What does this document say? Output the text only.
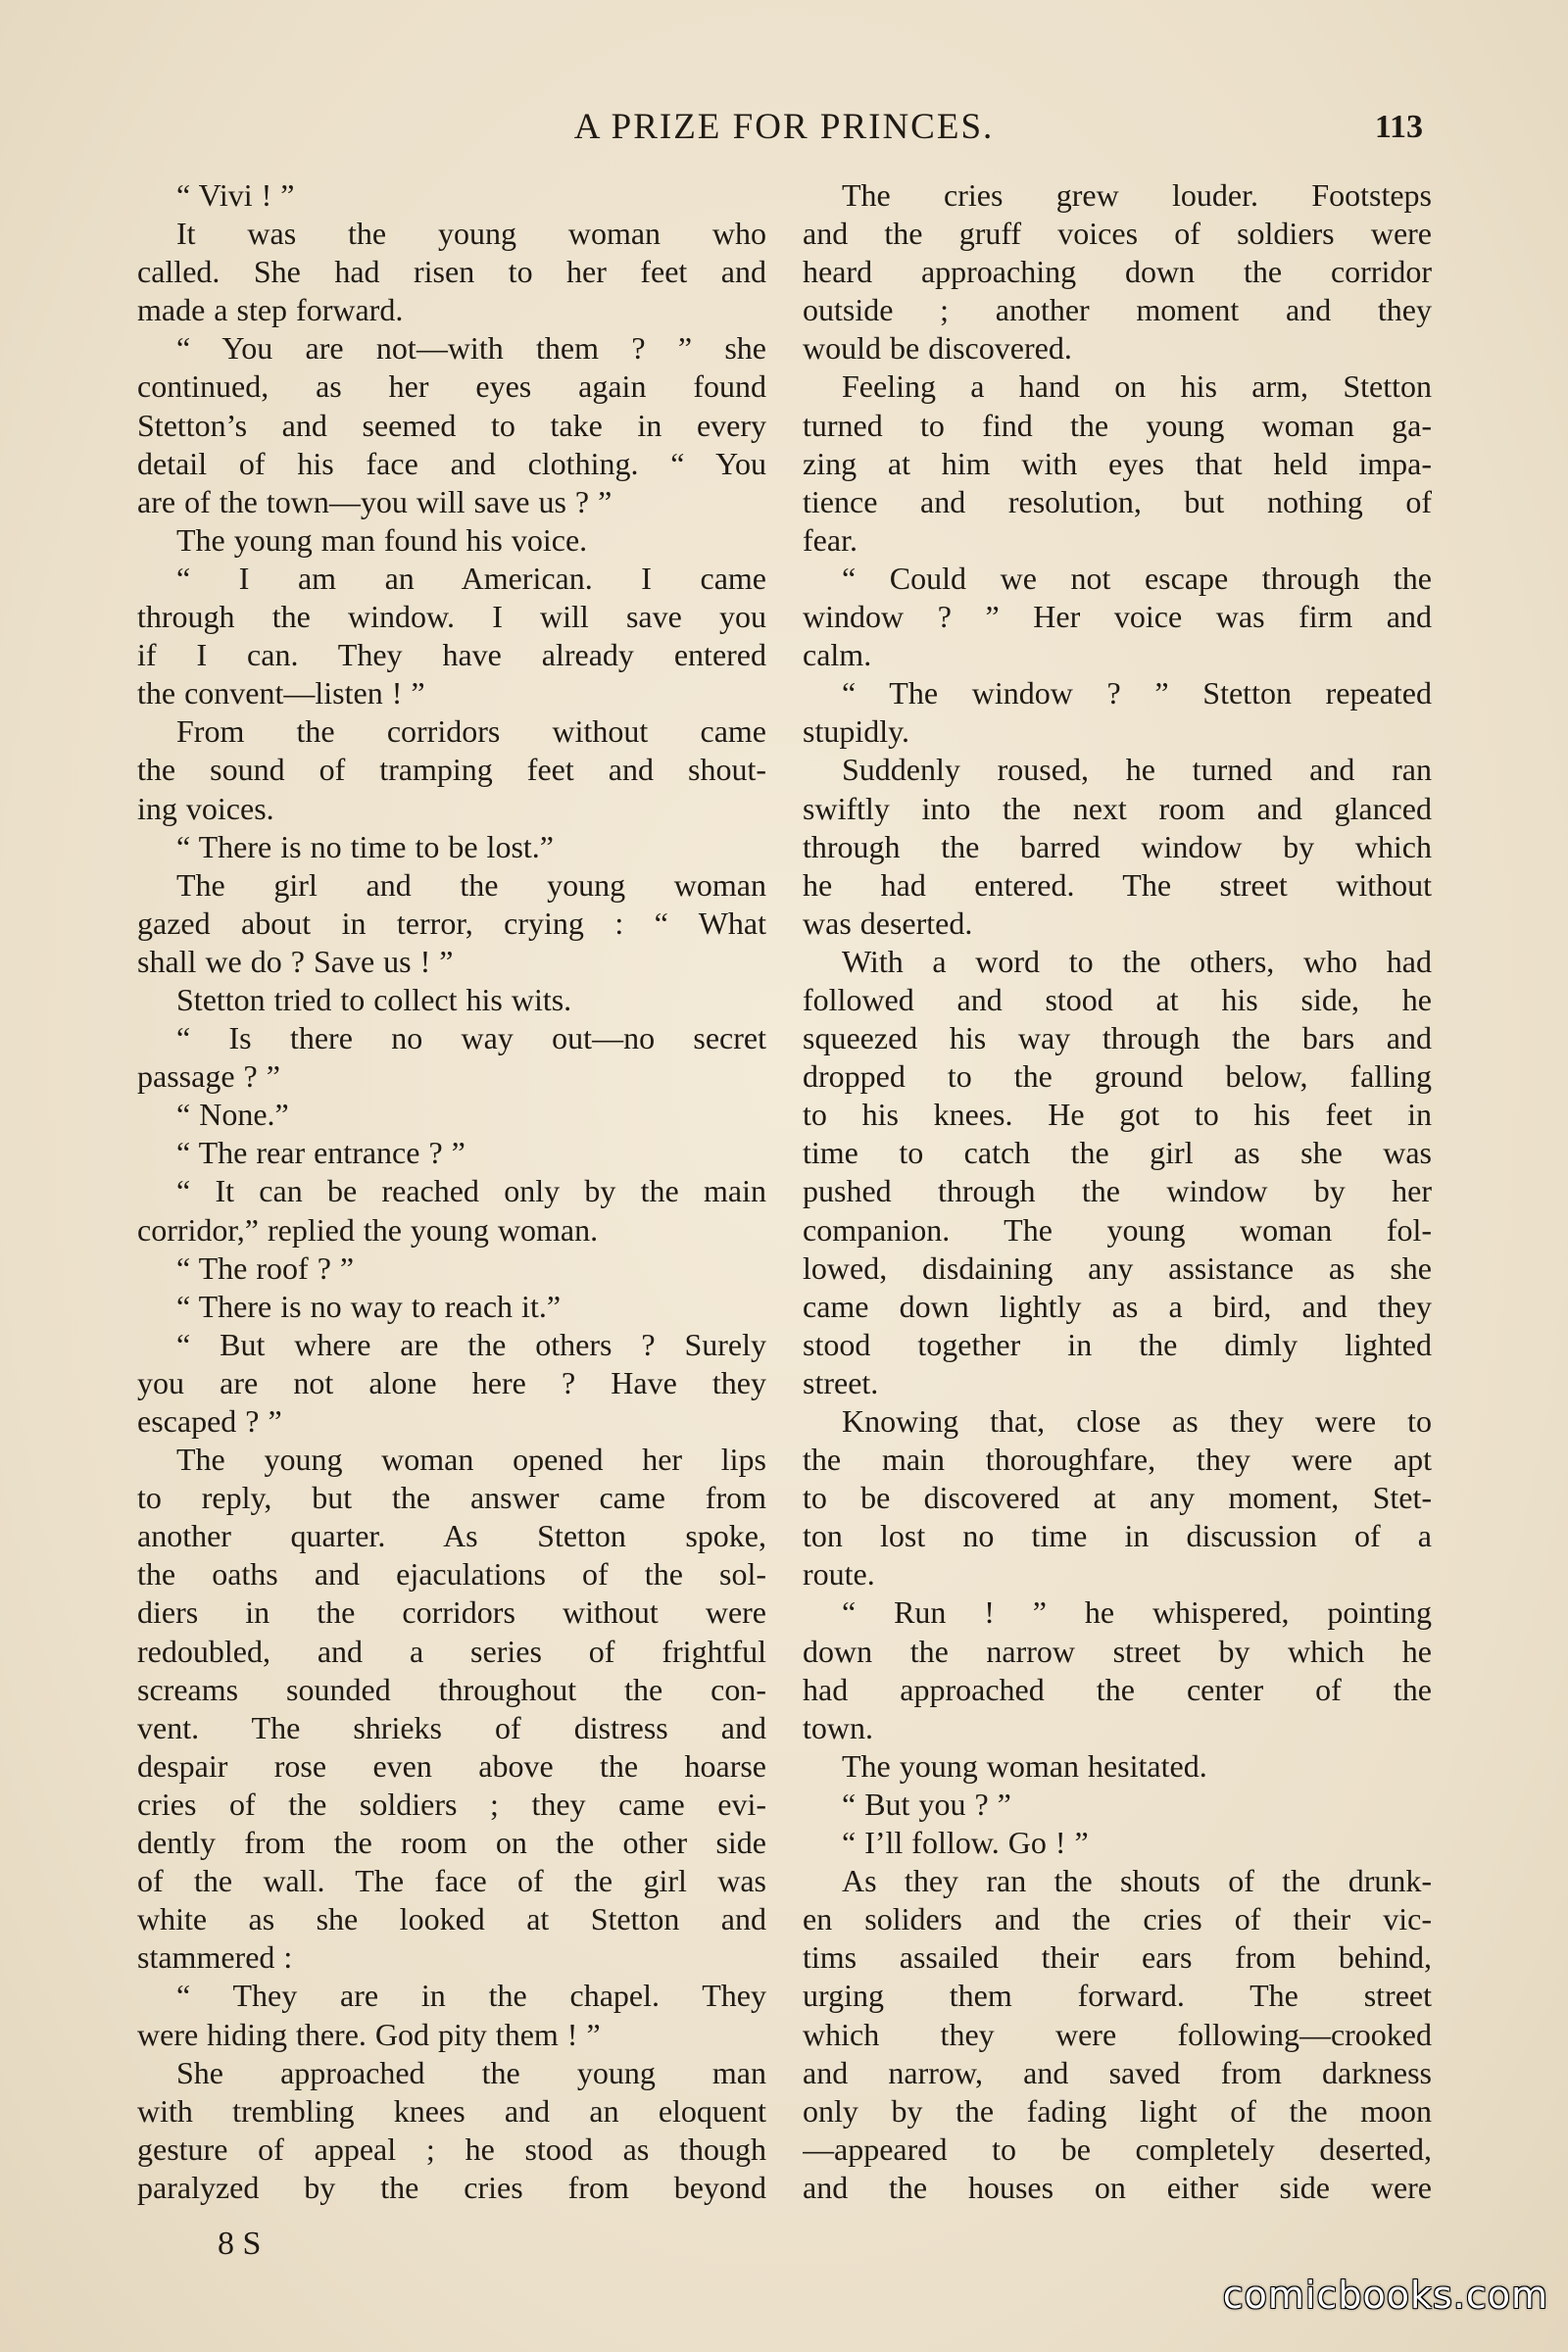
A PRIZE FOR PRINCES.	113
“ Vivi ! ”
It was the young woman who
called. She had risen to her feet and
made a step forward.
“ You are not—with them ? ” she
continued, as her eyes again found
Stetton’s and seemed to take in every
detail of his face and clothing. “ You
are of the town—you will save us ? ”
The young man found his voice.
“ I am an American. I came
through the window. I will save you
if I can. They have already entered
the convent—listen ! ”
From the corridors without came
the sound of tramping feet and shout-
ing voices.
“ There is no time to be lost.”
The girl and the young woman
gazed about in terror, crying : “ What
shall we do ? Save us ! ”
Stetton tried to collect his wits.
“ Is there no way out—no secret
passage ? ”
“ None.”
“ The rear entrance ? ”
“ It can be reached only by the main
corridor,” replied the young woman.
“ The roof ? ”
“ There is no way to reach it.”
“ But where are the others ? Surely
you are not alone here ? Have they
escaped ? ”
The young woman opened her lips
to reply, but the answer came from
another quarter. As Stetton spoke,
the oaths and ejaculations of the sol-
diers in the corridors without were
redoubled, and a series of frightful
screams sounded throughout the con-
vent. The shrieks of distress and
despair rose even above the hoarse
cries of the soldiers ; they came evi-
dently from the room on the other side
of the wall. The face of the girl was
white as she looked at Stetton and
stammered :
“ They are in the chapel. They
were hiding there. God pity them ! ”
She approached the young man
with trembling knees and an eloquent
gesture of appeal ; he stood as though
paralyzed by the cries from beyond
The cries grew louder. Footsteps
and the gruff voices of soldiers were
heard approaching down the corridor
outside ; another moment and they
would be discovered.
Feeling a hand on his arm, Stetton
turned to find the young woman ga-
zing at him with eyes that held impa-
tience and resolution, but nothing of
fear.
“ Could we not escape through the
window ? ” Her voice was firm and
calm.
“ The window ? ” Stetton repeated
stupidly.
Suddenly roused, he turned and ran
swiftly into the next room and glanced
through the barred window by which
he had entered. The street without
was deserted.
With a word to the others, who had
followed and stood at his side, he
squeezed his way through the bars and
dropped to the ground below, falling
to his knees. He got to his feet in
time to catch the girl as she was
pushed through the window by her
companion. The young woman fol-
lowed, disdaining any assistance as she
came down lightly as a bird, and they
stood together in the dimly lighted
street.
Knowing that, close as they were to
the main thoroughfare, they were apt
to be discovered at any moment, Stet-
ton lost no time in discussion of a
route.
“ Run ! ” he whispered, pointing
down the narrow street by which he
had approached the center of the
town.
The young woman hesitated.
“ But you ? ”
“ I’ll follow. Go ! ”
As they ran the shouts of the drunk-
en soliders and the cries of their vic-
tims assailed their ears from behind,
urging them forward. The street
which they were following—crooked
and narrow, and saved from darkness
only by the fading light of the moon
—appeared to be completely deserted,
and the houses on either side were
8 S
comicbooks.com
